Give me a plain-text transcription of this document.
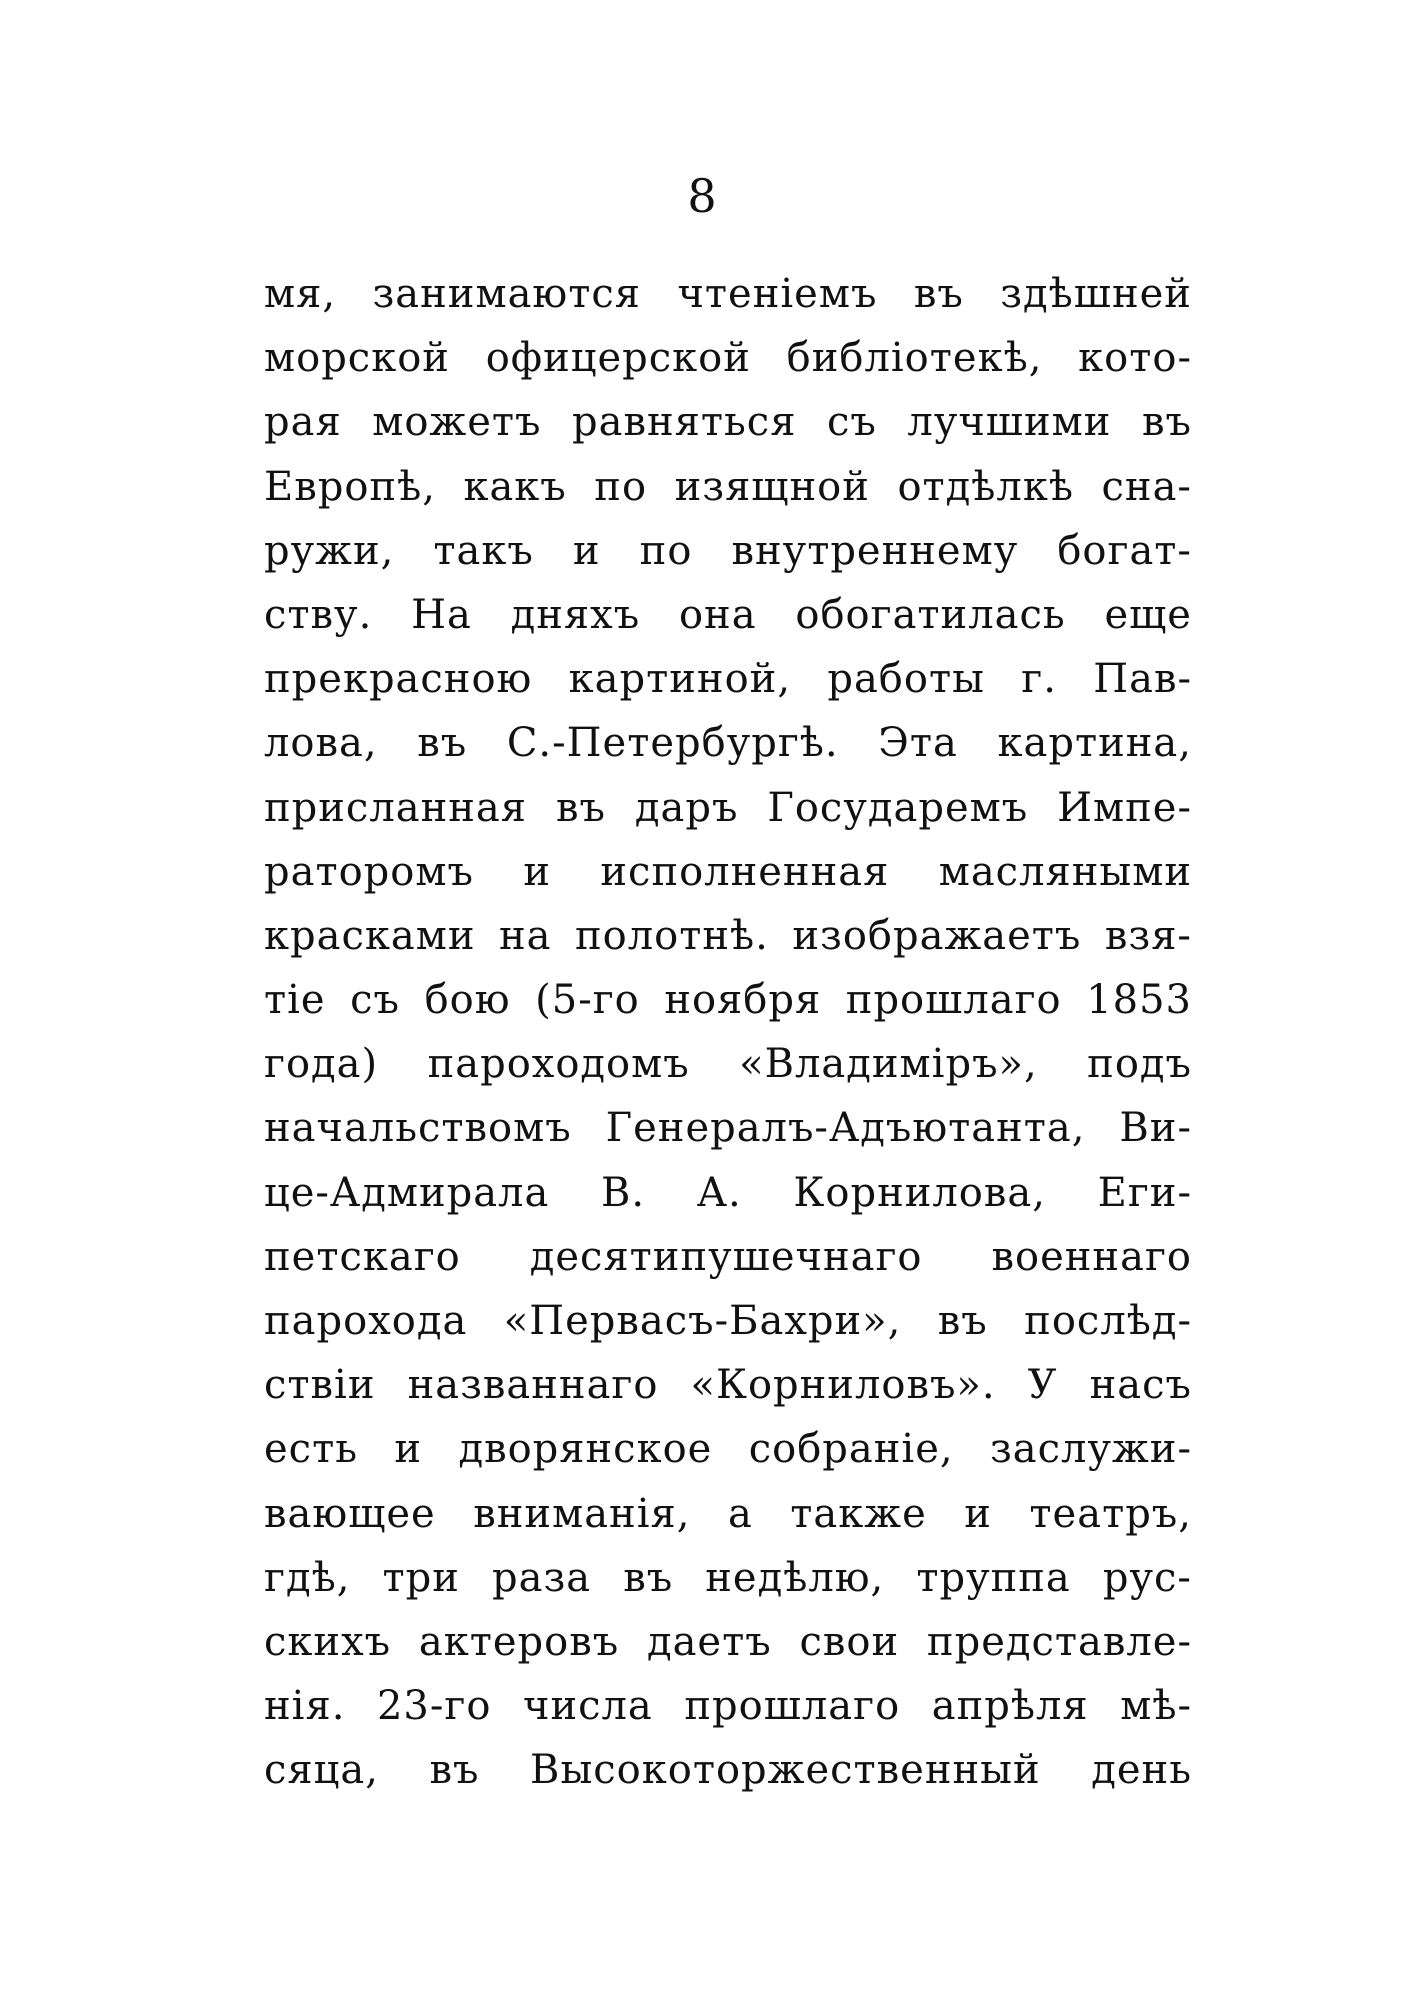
8
мя, занимаются чтеніемъ въ здѣшней
морской офицерской библіотекѣ, кото-
рая можетъ равняться съ лучшими въ
Европѣ, какъ по изящной отдѣлкѣ сна-
ружи, такъ и по внутреннему богат-
ству. На дняхъ она обогатилась еще
прекрасною картиной, работы г. Пав-
лова, въ С.-Петербургѣ. Эта картина,
присланная въ даръ Государемъ Импе-
раторомъ и исполненная масляными
красками на полотнѣ. изображаетъ взя-
тіе съ бою (5-го ноября прошлаго 1853
года) пароходомъ «Владиміръ», подъ
начальствомъ Генералъ-Адъютанта, Ви-
це-Адмирала В. А. Корнилова, Еги-
петскаго десятипушечнаго военнаго
парохода «Первасъ-Бахри», въ послѣд-
ствіи названнаго «Корниловъ». У насъ
есть и дворянское собраніе, заслужи-
вающее вниманія, а также и театръ,
гдѣ, три раза въ недѣлю, труппа рус-
скихъ актеровъ даетъ свои представле-
нія. 23-го числа прошлаго апрѣля мѣ-
сяца, въ Высокоторжественный день
